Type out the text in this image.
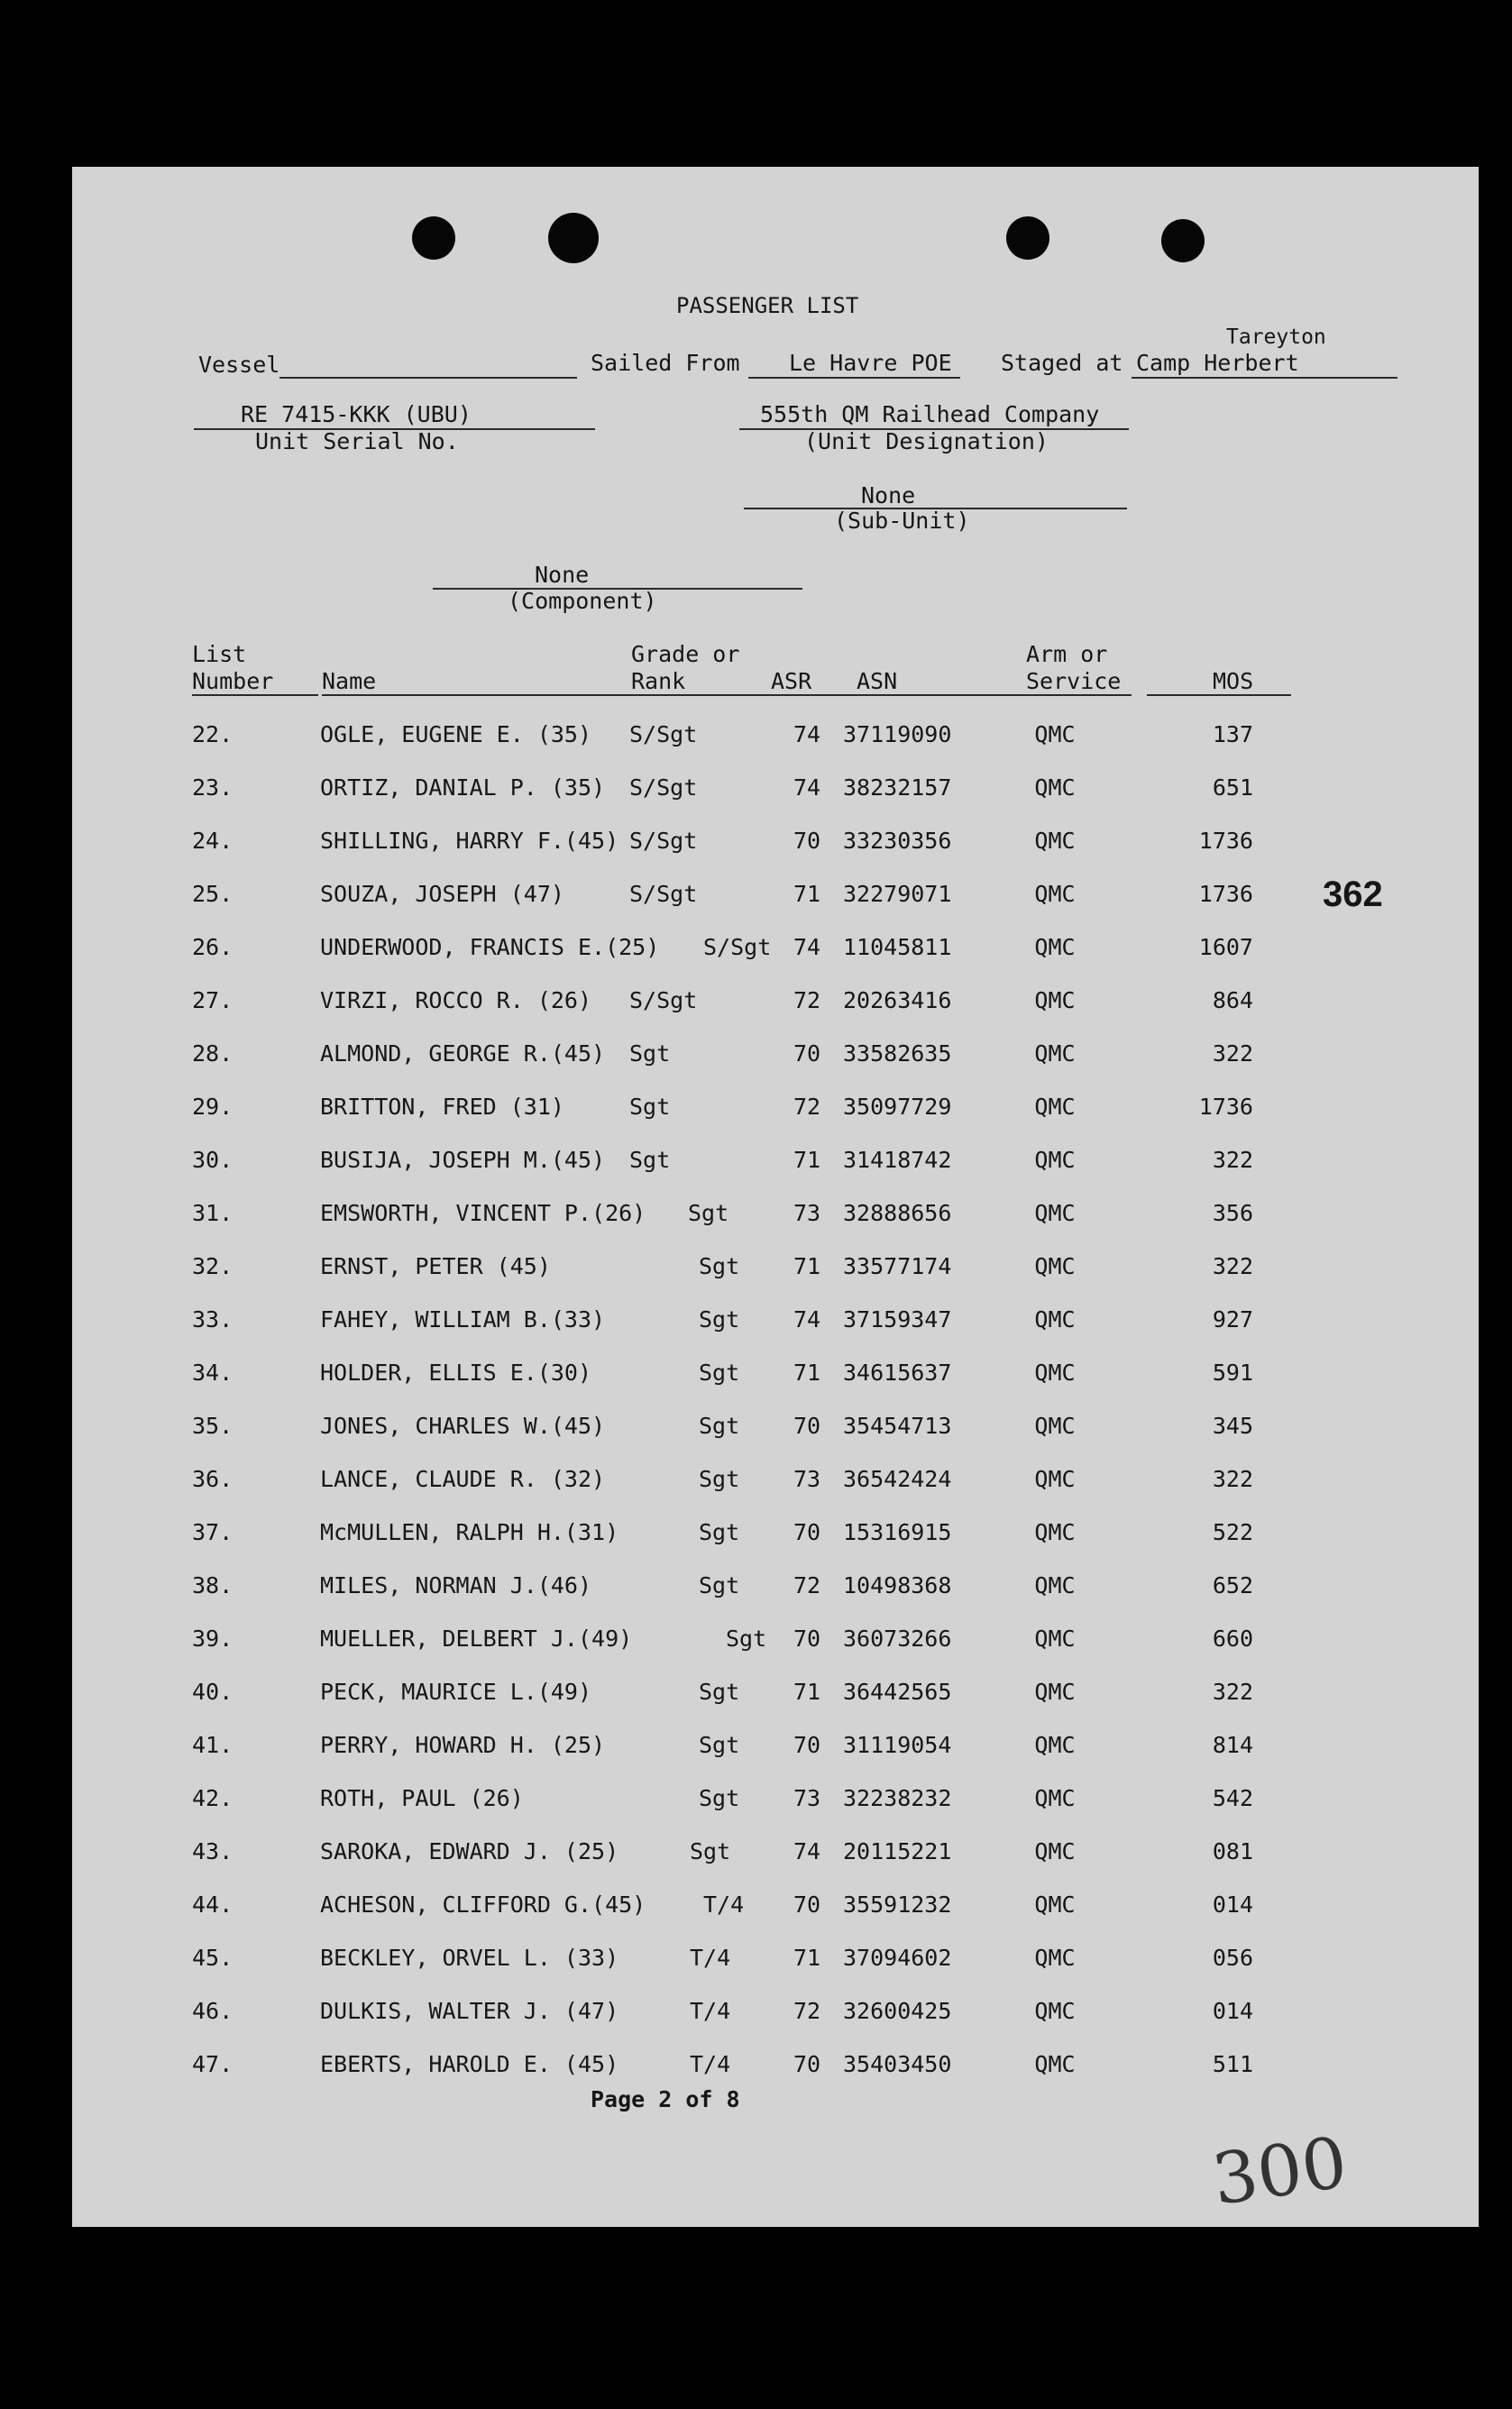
PASSENGER LIST
Vessel	Sailed From Le Havre POE Staged at Camp Herbert
Tareyton
RE 7415-KKK (UBU)
Unit Serial No.
555th QM Railhead Company
(Unit Designation)
None
(Sub-Unit)
None
(Component)
List
Number Name
Grade or
Rank	ASR ASN
Arm or
Service	MOS
22.	OGLE, EUGENE E. (35) S/Sgt	74 37119090	QMC	137
23.	ORTIZ, DANIAL P. (35) S/Sgt	74 38232157	QMC	651
24.	SHILLING, HARRY F.(45) S/Sgt	70 33230356	QMC	1736
25.	SOUZA, JOSEPH (47)	S/Sgt	71 32279071	QMC	1736
26.	UNDERWOOD, FRANCIS E.(25) S/Sgt 74 11045811	QMC	1607
27.	VIRZI, ROCCO R. (26) S/Sgt	72 20263416	QMC	864
28.	ALMOND, GEORGE R.(45) Sgt	70 33582635	QMC	322
29.	BRITTON, FRED (31)	Sgt	72 35097729	QMC	1736
30.	BUSIJA, JOSEPH M.(45) Sgt	71 31418742	QMC	322
31.	EMSWORTH, VINCENT P.(26) Sgt	73 32888656	QMC	356
32.	ERNST, PETER (45)	Sgt	71 33577174	QMC	322
33.	FAHEY, WILLIAM B.(33)	Sgt	74 37159347	QMC	927
34.	HOLDER, ELLIS E.(30)	Sgt	71 34615637	QMC	591
35.	JONES, CHARLES W.(45)	Sgt	70 35454713	QMC	345
36.	LANCE, CLAUDE R. (32)	Sgt	73 36542424	QMC	322
37.	McMULLEN, RALPH H.(31)	Sgt	70 15316915	QMC	522
38.	MILES, NORMAN J.(46)	Sgt	72 10498368	QMC	652
39.	MUELLER, DELBERT J.(49)	Sgt	70 36073266	QMC	660
40.	PECK, MAURICE L.(49)	Sgt	71 36442565	QMC	322
41.	PERRY, HOWARD H. (25)	Sgt	70 31119054	QMC	814
42.	ROTH, PAUL (26)	Sgt	73 32238232	QMC	542
43.	SAROKA, EDWARD J. (25)	Sgt	74 20115221	QMC	081
44.	ACHESON, CLIFFORD G.(45)	T/4	70 35591232	QMC	014
45.	BECKLEY, ORVEL L. (33)	T/4	71 37094602	QMC	056
46.	DULKIS, WALTER J. (47)	T/4	72 32600425	QMC	014
47.	EBERTS, HAROLD E. (45)	T/4	70 35403450	QMC	511
Page 2 of 8
362
300
